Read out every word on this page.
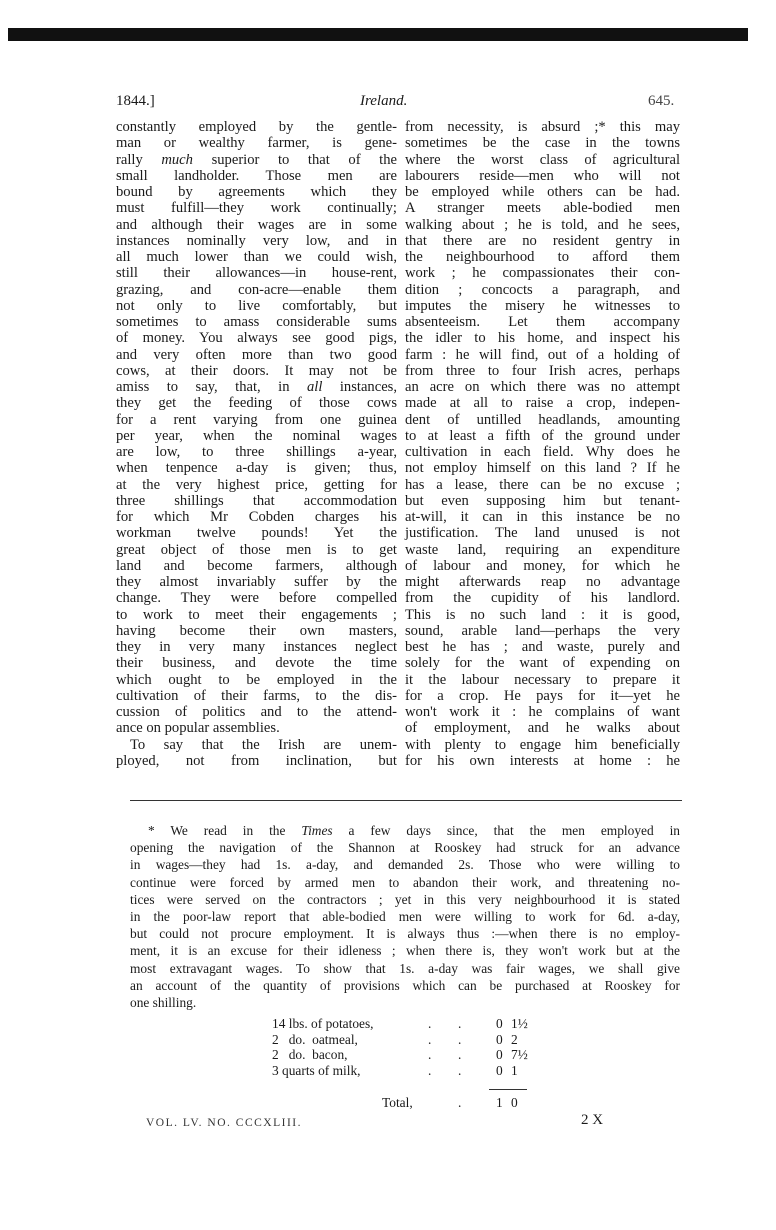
1844.]	Ireland.	645.
constantly employed by the gentle-
man or wealthy farmer, is gene-
rally much superior to that of the
small landholder. Those men are
bound by agreements which they
must fulfill—they work continually;
and although their wages are in some
instances nominally very low, and in
all much lower than we could wish,
still their allowances—in house-rent,
grazing, and con-acre—enable them
not only to live comfortably, but
sometimes to amass considerable sums
of money. You always see good pigs,
and very often more than two good
cows, at their doors. It may not be
amiss to say, that, in all instances,
they get the feeding of those cows
for a rent varying from one guinea
per year, when the nominal wages
are low, to three shillings a-year,
when tenpence a-day is given; thus,
at the very highest price, getting for
three shillings that accommodation
for which Mr Cobden charges his
workman twelve pounds! Yet the
great object of those men is to get
land and become farmers, although
they almost invariably suffer by the
change. They were before compelled
to work to meet their engagements ;
having become their own masters,
they in very many instances neglect
their business, and devote the time
which ought to be employed in the
cultivation of their farms, to the dis-
cussion of politics and to the attend-
ance on popular assemblies.
To say that the Irish are unem-
ployed, not from inclination, but
from necessity, is absurd ;* this may
sometimes be the case in the towns
where the worst class of agricultural
labourers reside—men who will not
be employed while others can be had.
A stranger meets able-bodied men
walking about ; he is told, and he sees,
that there are no resident gentry in
the neighbourhood to afford them
work ; he compassionates their con-
dition ; concocts a paragraph, and
imputes the misery he witnesses to
absenteeism. Let them accompany
the idler to his home, and inspect his
farm : he will find, out of a holding of
from three to four Irish acres, perhaps
an acre on which there was no attempt
made at all to raise a crop, indepen-
dent of untilled headlands, amounting
to at least a fifth of the ground under
cultivation in each field. Why does he
not employ himself on this land ? If he
has a lease, there can be no excuse ;
but even supposing him but tenant-
at-will, it can in this instance be no
justification. The land unused is not
waste land, requiring an expenditure
of labour and money, for which he
might afterwards reap no advantage
from the cupidity of his landlord.
This is no such land : it is good,
sound, arable land—perhaps the very
best he has ; and waste, purely and
solely for the want of expending on
it the labour necessary to prepare it
for a crop. He pays for it—yet he
won't work it : he complains of want
of employment, and he walks about
with plenty to engage him beneficially
for his own interests at home : he
* We read in the Times a few days since, that the men employed in
opening the navigation of the Shannon at Rooskey had struck for an advance
in wages—they had 1s. a-day, and demanded 2s. Those who were willing to
continue were forced by armed men to abandon their work, and threatening no-
tices were served on the contractors ; yet in this very neighbourhood it is stated
in the poor-law report that able-bodied men were willing to work for 6d. a-day,
but could not procure employment. It is always thus :—when there is no employ-
ment, it is an excuse for their idleness ; when there is, they won't work but at the
most extravagant wages. To show that 1s. a-day was fair wages, we shall give
an account of the quantity of provisions which can be purchased at Rooskey for
one shilling.
14 lbs. of potatoes,	. .	0 1½
2   do.  oatmeal,	. .	0 2
2   do.  bacon,	. .	0 7½
3 quarts of milk,	. .	0 1
Total,	.	1 0
VOL. LV. NO. CCCXLIII.	2 X
